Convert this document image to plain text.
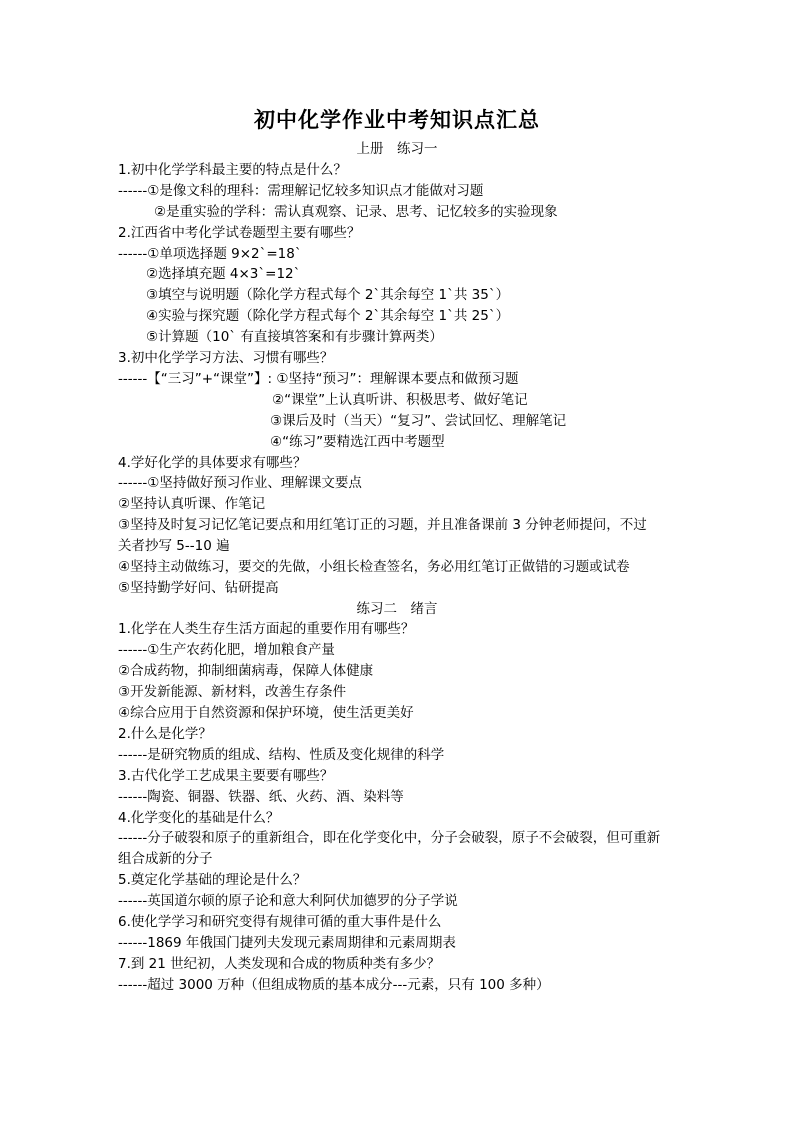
初中化学作业中考知识点汇总
上册　练习一
1.初中化学学科最主要的特点是什么？
------①是像文科的理科：需理解记忆较多知识点才能做对习题
②是重实验的学科：需认真观察、记录、思考、记忆较多的实验现象
2.江西省中考化学试卷题型主要有哪些？
------①单项选择题 9×2`=18`
②选择填充题 4×3`=12`
③填空与说明题（除化学方程式每个 2`其余每空 1`共 35`）
④实验与探究题（除化学方程式每个 2`其余每空 1`共 25`）
⑤计算题（10` 有直接填答案和有步骤计算两类）
3.初中化学学习方法、习惯有哪些？
------【“三习”+“课堂”】: ①坚持“预习”：理解课本要点和做预习题
②“课堂”上认真听讲、积极思考、做好笔记
③课后及时（当天）“复习”、尝试回忆、理解笔记
④“练习”要精选江西中考题型
4.学好化学的具体要求有哪些？
------①坚持做好预习作业、理解课文要点
②坚持认真听课、作笔记
③坚持及时复习记忆笔记要点和用红笔订正的习题，并且准备课前 3 分钟老师提问，不过
关者抄写 5--10 遍
④坚持主动做练习，要交的先做，小组长检查签名，务必用红笔订正做错的习题或试卷
⑤坚持勤学好问、钻研提高
练习二　绪言
1.化学在人类生存生活方面起的重要作用有哪些？
------①生产农药化肥，增加粮食产量
②合成药物，抑制细菌病毒，保障人体健康
③开发新能源、新材料，改善生存条件
④综合应用于自然资源和保护环境，使生活更美好
2.什么是化学？
------是研究物质的组成、结构、性质及变化规律的科学
3.古代化学工艺成果主要要有哪些？
------陶瓷、铜器、铁器、纸、火药、酒、染料等
4.化学变化的基础是什么？
------分子破裂和原子的重新组合，即在化学变化中，分子会破裂，原子不会破裂，但可重新
组合成新的分子
5.奠定化学基础的理论是什么？
------英国道尔顿的原子论和意大利阿伏加德罗的分子学说
6.使化学学习和研究变得有规律可循的重大事件是什么
------1869 年俄国门捷列夫发现元素周期律和元素周期表
7.到 21 世纪初，人类发现和合成的物质种类有多少？
------超过 3000 万种（但组成物质的基本成分---元素，只有 100 多种）
